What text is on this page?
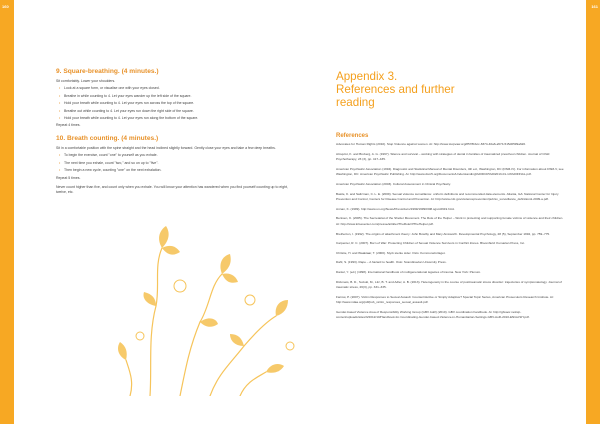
160	161
APPENDICES
9. Square-breathing. (4 minutes.)
Sit comfortably. Lower your shoulders.
• Look at a square form, or visualise one with your eyes closed.
• Breathe in while counting to 4. Let your eyes wander up the left side of the square.
• Hold your breath while counting to 4. Let your eyes run across the top of the square.
• Breathe out while counting to 4. Let your eyes run down the right side of the square.
• Hold your breath while counting to 4. Let your eyes run along the bottom of the square.
Repeat 4 times.
10. Breath counting. (4 minutes.)
Sit in a comfortable position with the spine straight and the head inclined slightly forward. Gently close your eyes and take a few deep breaths.
• To begin the exercise, count "one" to yourself as you exhale.
• The next time you exhale, count "two," and so on up to "five".
• Then begin a new cycle, counting "one" on the next exhalation.
Repeat 5 times.
Never count higher than five, and count only when you exhale. You will know your attention has wandered when you find yourself counting up to eight, twelve, etc.
Appendix 3.
References and further
reading
References
Advocates for Human Rights (2010). Stop Violence against women. At: http://www.stopvaw.org/8578bbcc-8374-40a6-a574-515d0599a620.
Almqvist, K. and Broberg, A. G. (1997). Silence and survival – working with strategies of denial in families of traumatized preschool children. Journal of Child Psychotherapy, 23 (3), pp. 417–435.
American Psychiatric Association (1994). Diagnostic and Statistical Manual of Mental Disorders, 4th ed., Washington, DC (DSM-IV). For information about DSM-V, see Washington, DC: American Psychiatric Publishing. At: http://www.dsm5.org/Documents/Understanding%20DCR%202013-01-14%20FINAL.pdf.
American Psychiatric Association (2003). Cultural Assessment in Clinical Psychiatry.
Basile, K. and Saltzman, C. L. E. (2009). Sexual violence surveillance: uniform definitions and recommended data elements. Atlanta, GA: National Center for Injury Prevention and Control, Centers for Disease Control and Prevention. At: http://www.cdc.gov/violenceprevention/pub/sv_surveillance_definitionsl-2009-a.pdf.
Annan, K. (1999). http://www.un.org/News/Press/docs/1999/19990308.sgsm6919.html.
Bentsen, K. (2005). The Secretariat of the Shelter Movement. The Role of the Helper – Work in protecting and supporting female victims of violence and their children. At: http://www.krisesenter.com/presse/artikler/TheRoleOfTheHelper.pdf.
Bretherton, I. (1992). The origins of attachment theory: John Bowlby and Mary Ainsworth. Developmental Psychology, 28 (5), September 1992, pp. 759–775.
Carpenter, R. C. (2007). Born of War: Protecting Children of Sexual Violence Survivors in Conflict Zones. Bloomfield: Kumarian Press, Inc.
Christie, H. and Waaktaar, T. (2000). Styrk sterke sider. Oslo: Kommuneforlaget.
Dahl, S. (1993). Rape – A hazard to health. Oslo: Scandinavian University Press.
Daniel, Y. (ed.) (1998). International handbook of multigenerational legacies of trauma. New York: Plenum.
Dickmeis, B. D., Suzuki, M., Litz, B. T. and Adler, A. B. (2013). Heterogeneity in the course of posttraumatic stress disorder: trajectories of symptomatology. Journal of traumatic stress, 26(3), pp. 331–335.
Farrow, P. (2007). Victim Responses to Sexual Assault: Counterintuitive or Simply Adaptive? Special Topic Series, American Prosecutors Research Institute. At: http://www.ndaa.org/pdf/pub_victim_responses_sexual_assault.pdf.
Gender-based Violence Area of Responsibility Working Group (GBV AoR) (2010). GBV coordination handbook. At: http://gbvaor.net/wp-content/uploads/sites/3/2012/10/Handbook-for-Coordinating-Gender-based-Violence-in-Humanitarian-Settings-GBV-AoR-2010-ENGLISH.pdf.
